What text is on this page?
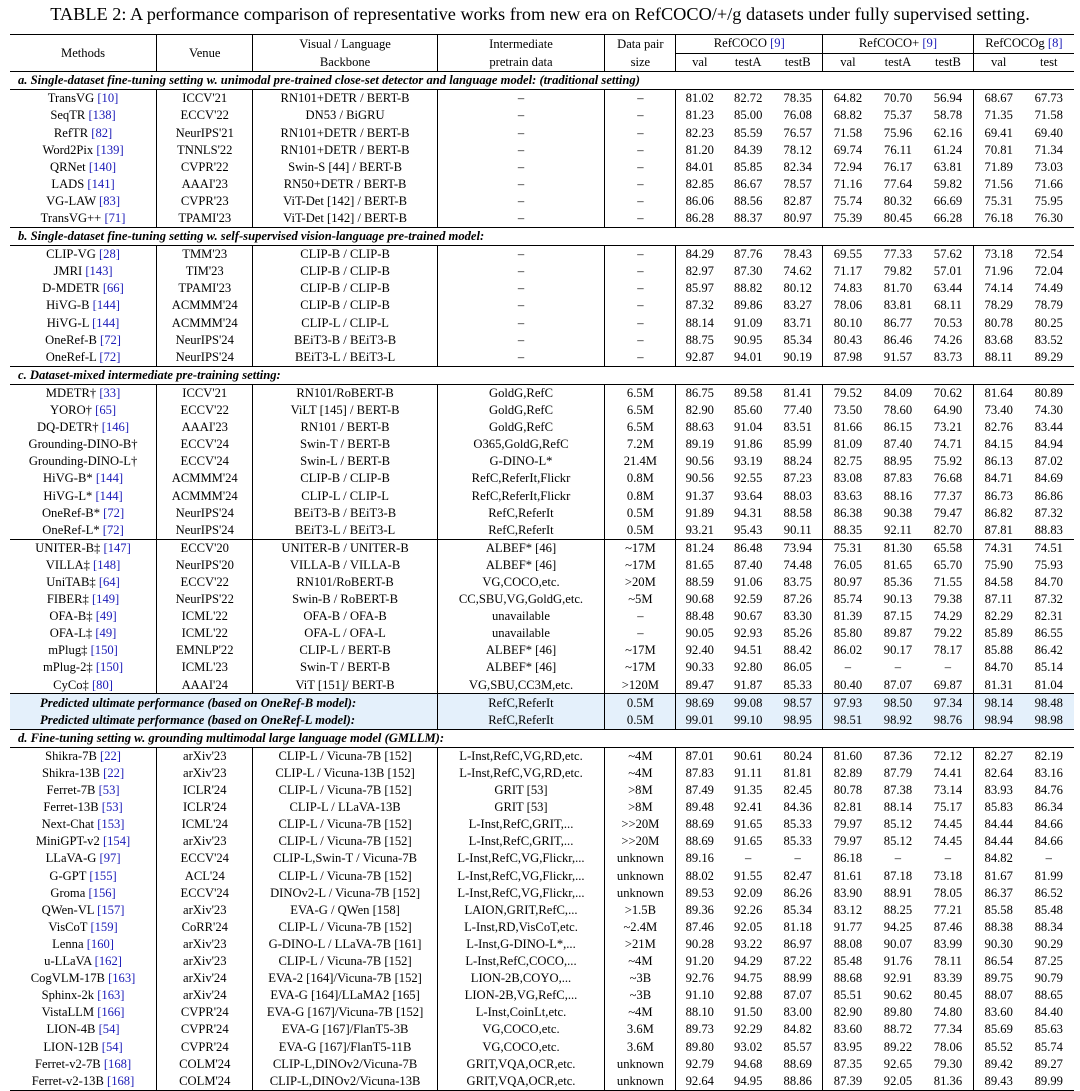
TABLE 2: A performance comparison of representative works from new era on RefCOCO/+/g datasets under fully supervised setting.
Methods	Venue	Visual / Language	Intermediate	Data pair	RefCOCO [9]			RefCOCO+ [9]			RefCOCOg [8]	
		Backbone	pretrain data	size	val	testA	testB	val	testA	testB	val	test
a. Single-dataset fine-tuning setting w. unimodal pre-trained close-set detector and language model: (traditional setting)												
TransVG [10]	ICCV'21	RN101+DETR / BERT-B	–	–	81.02	82.72	78.35	64.82	70.70	56.94	68.67	67.73
SeqTR [138]	ECCV'22	DN53 / BiGRU	–	–	81.23	85.00	76.08	68.82	75.37	58.78	71.35	71.58
RefTR [82]	NeurIPS'21	RN101+DETR / BERT-B	–	–	82.23	85.59	76.57	71.58	75.96	62.16	69.41	69.40
Word2Pix [139]	TNNLS'22	RN101+DETR / BERT-B	–	–	81.20	84.39	78.12	69.74	76.11	61.24	70.81	71.34
QRNet [140]	CVPR'22	Swin-S [44] / BERT-B	–	–	84.01	85.85	82.34	72.94	76.17	63.81	71.89	73.03
LADS [141]	AAAI'23	RN50+DETR / BERT-B	–	–	82.85	86.67	78.57	71.16	77.64	59.82	71.56	71.66
VG-LAW [83]	CVPR'23	ViT-Det [142] / BERT-B	–	–	86.06	88.56	82.87	75.74	80.32	66.69	75.31	75.95
TransVG++ [71]	TPAMI'23	ViT-Det [142] / BERT-B	–	–	86.28	88.37	80.97	75.39	80.45	66.28	76.18	76.30
b. Single-dataset fine-tuning setting w. self-supervised vision-language pre-trained model:												
CLIP-VG [28]	TMM'23	CLIP-B / CLIP-B	–	–	84.29	87.76	78.43	69.55	77.33	57.62	73.18	72.54
JMRI [143]	TIM'23	CLIP-B / CLIP-B	–	–	82.97	87.30	74.62	71.17	79.82	57.01	71.96	72.04
D-MDETR [66]	TPAMI'23	CLIP-B / CLIP-B	–	–	85.97	88.82	80.12	74.83	81.70	63.44	74.14	74.49
HiVG-B [144]	ACMMM'24	CLIP-B / CLIP-B	–	–	87.32	89.86	83.27	78.06	83.81	68.11	78.29	78.79
HiVG-L [144]	ACMMM'24	CLIP-L / CLIP-L	–	–	88.14	91.09	83.71	80.10	86.77	70.53	80.78	80.25
OneRef-B [72]	NeurIPS'24	BEiT3-B / BEiT3-B	–	–	88.75	90.95	85.34	80.43	86.46	74.26	83.68	83.52
OneRef-L [72]	NeurIPS'24	BEiT3-L / BEiT3-L	–	–	92.87	94.01	90.19	87.98	91.57	83.73	88.11	89.29
c. Dataset-mixed intermediate pre-training setting:												
MDETR† [33]	ICCV'21	RN101/RoBERT-B	GoldG,RefC	6.5M	86.75	89.58	81.41	79.52	84.09	70.62	81.64	80.89
YORO† [65]	ECCV'22	ViLT [145] / BERT-B	GoldG,RefC	6.5M	82.90	85.60	77.40	73.50	78.60	64.90	73.40	74.30
DQ-DETR† [146]	AAAI'23	RN101 / BERT-B	GoldG,RefC	6.5M	88.63	91.04	83.51	81.66	86.15	73.21	82.76	83.44
Grounding-DINO-B†	ECCV'24	Swin-T / BERT-B	O365,GoldG,RefC	7.2M	89.19	91.86	85.99	81.09	87.40	74.71	84.15	84.94
Grounding-DINO-L†	ECCV'24	Swin-L / BERT-B	G-DINO-L*	21.4M	90.56	93.19	88.24	82.75	88.95	75.92	86.13	87.02
HiVG-B* [144]	ACMMM'24	CLIP-B / CLIP-B	RefC,ReferIt,Flickr	0.8M	90.56	92.55	87.23	83.08	87.83	76.68	84.71	84.69
HiVG-L* [144]	ACMMM'24	CLIP-L / CLIP-L	RefC,ReferIt,Flickr	0.8M	91.37	93.64	88.03	83.63	88.16	77.37	86.73	86.86
OneRef-B* [72]	NeurIPS'24	BEiT3-B / BEiT3-B	RefC,ReferIt	0.5M	91.89	94.31	88.58	86.38	90.38	79.47	86.82	87.32
OneRef-L* [72]	NeurIPS'24	BEiT3-L / BEiT3-L	RefC,ReferIt	0.5M	93.21	95.43	90.11	88.35	92.11	82.70	87.81	88.83
UNITER-B‡ [147]	ECCV'20	UNITER-B / UNITER-B	ALBEF* [46]	~17M	81.24	86.48	73.94	75.31	81.30	65.58	74.31	74.51
VILLA‡ [148]	NeurIPS'20	VILLA-B / VILLA-B	ALBEF* [46]	~17M	81.65	87.40	74.48	76.05	81.65	65.70	75.90	75.93
UniTAB‡ [64]	ECCV'22	RN101/RoBERT-B	VG,COCO,etc.	>20M	88.59	91.06	83.75	80.97	85.36	71.55	84.58	84.70
FIBER‡ [149]	NeurIPS'22	Swin-B / RoBERT-B	CC,SBU,VG,GoldG,etc.	~5M	90.68	92.59	87.26	85.74	90.13	79.38	87.11	87.32
OFA-B‡ [49]	ICML'22	OFA-B / OFA-B	unavailable	–	88.48	90.67	83.30	81.39	87.15	74.29	82.29	82.31
OFA-L‡ [49]	ICML'22	OFA-L / OFA-L	unavailable	–	90.05	92.93	85.26	85.80	89.87	79.22	85.89	86.55
mPlug‡ [150]	EMNLP'22	CLIP-L / BERT-B	ALBEF* [46]	~17M	92.40	94.51	88.42	86.02	90.17	78.17	85.88	86.42
mPlug-2‡ [150]	ICML'23	Swin-T / BERT-B	ALBEF* [46]	~17M	90.33	92.80	86.05	–	–	–	84.70	85.14
CyCo‡ [80]	AAAI'24	ViT [151]/ BERT-B	VG,SBU,CC3M,etc.	>120M	89.47	91.87	85.33	80.40	87.07	69.87	81.31	81.04
Predicted ultimate performance (based on OneRef-B model):			RefC,ReferIt	0.5M	98.69	99.08	98.57	97.93	98.50	97.34	98.14	98.48
Predicted ultimate performance (based on OneRef-L model):			RefC,ReferIt	0.5M	99.01	99.10	98.95	98.51	98.92	98.76	98.94	98.98
d. Fine-tuning setting w. grounding multimodal large language model (GMLLM):												
Shikra-7B [22]	arXiv'23	CLIP-L / Vicuna-7B [152]	L-Inst,RefC,VG,RD,etc.	~4M	87.01	90.61	80.24	81.60	87.36	72.12	82.27	82.19
Shikra-13B [22]	arXiv'23	CLIP-L / Vicuna-13B [152]	L-Inst,RefC,VG,RD,etc.	~4M	87.83	91.11	81.81	82.89	87.79	74.41	82.64	83.16
Ferret-7B [53]	ICLR'24	CLIP-L / Vicuna-7B [152]	GRIT [53]	>8M	87.49	91.35	82.45	80.78	87.38	73.14	83.93	84.76
Ferret-13B [53]	ICLR'24	CLIP-L / LLaVA-13B	GRIT [53]	>8M	89.48	92.41	84.36	82.81	88.14	75.17	85.83	86.34
Next-Chat [153]	ICML'24	CLIP-L / Vicuna-7B [152]	L-Inst,RefC,GRIT,...	>>20M	88.69	91.65	85.33	79.97	85.12	74.45	84.44	84.66
MiniGPT-v2 [154]	arXiv'23	CLIP-L / Vicuna-7B [152]	L-Inst,RefC,GRIT,...	>>20M	88.69	91.65	85.33	79.97	85.12	74.45	84.44	84.66
LLaVA-G [97]	ECCV'24	CLIP-L,Swin-T / Vicuna-7B	L-Inst,RefC,VG,Flickr,...	unknown	89.16	–	–	86.18	–	–	84.82	–
G-GPT [155]	ACL'24	CLIP-L / Vicuna-7B [152]	L-Inst,RefC,VG,Flickr,...	unknown	88.02	91.55	82.47	81.61	87.18	73.18	81.67	81.99
Groma [156]	ECCV'24	DINOv2-L / Vicuna-7B [152]	L-Inst,RefC,VG,Flickr,...	unknown	89.53	92.09	86.26	83.90	88.91	78.05	86.37	86.52
QWen-VL [157]	arXiv'23	EVA-G / QWen [158]	LAION,GRIT,RefC,...	>1.5B	89.36	92.26	85.34	83.12	88.25	77.21	85.58	85.48
VisCoT [159]	CoRR'24	CLIP-L / Vicuna-7B [152]	L-Inst,RD,VisCoT,etc.	~2.4M	87.46	92.05	81.18	91.77	94.25	87.46	88.38	88.34
Lenna [160]	arXiv'23	G-DINO-L / LLaVA-7B [161]	L-Inst,G-DINO-L*,...	>21M	90.28	93.22	86.97	88.08	90.07	83.99	90.30	90.29
u-LLaVA [162]	arXiv'23	CLIP-L / Vicuna-7B [152]	L-Inst,RefC,COCO,...	~4M	91.20	94.29	87.22	85.48	91.76	78.11	86.54	87.25
CogVLM-17B [163]	arXiv'24	EVA-2 [164]/Vicuna-7B [152]	LION-2B,COYO,...	~3B	92.76	94.75	88.99	88.68	92.91	83.39	89.75	90.79
Sphinx-2k [163]	arXiv'24	EVA-G [164]/LLaMA2 [165]	LION-2B,VG,RefC,...	~3B	91.10	92.88	87.07	85.51	90.62	80.45	88.07	88.65
VistaLLM [166]	CVPR'24	EVA-G [167]/Vicuna-7B [152]	L-Inst,CoinLt,etc.	~4M	88.10	91.50	83.00	82.90	89.80	74.80	83.60	84.40
LION-4B [54]	CVPR'24	EVA-G [167]/FlanT5-3B	VG,COCO,etc.	3.6M	89.73	92.29	84.82	83.60	88.72	77.34	85.69	85.63
LION-12B [54]	CVPR'24	EVA-G [167]/FlanT5-11B	VG,COCO,etc.	3.6M	89.80	93.02	85.57	83.95	89.22	78.06	85.52	85.74
Ferret-v2-7B [168]	COLM'24	CLIP-L,DINOv2/Vicuna-7B	GRIT,VQA,OCR,etc.	unknown	92.79	94.68	88.69	87.35	92.65	79.30	89.42	89.27
Ferret-v2-13B [168]	COLM'24	CLIP-L,DINOv2/Vicuna-13B	GRIT,VQA,OCR,etc.	unknown	92.64	94.95	88.86	87.39	92.05	81.36	89.43	89.99
